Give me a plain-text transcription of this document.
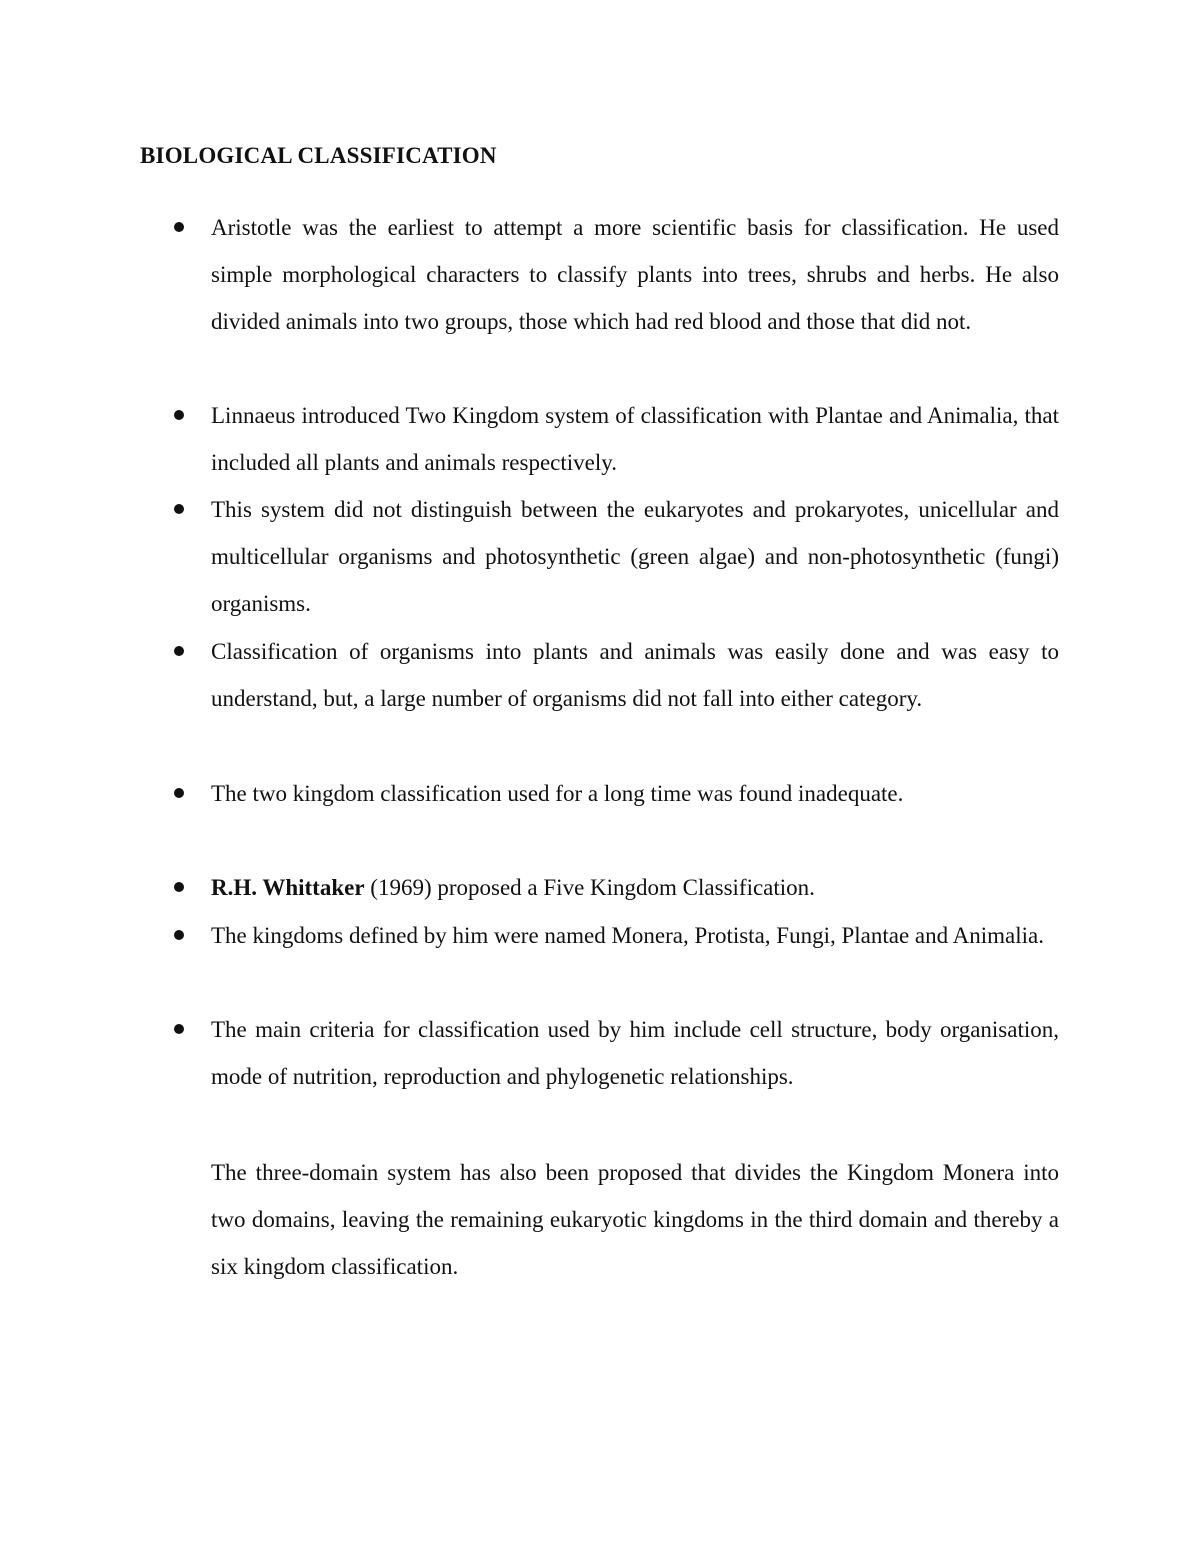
BIOLOGICAL CLASSIFICATION

Aristotle was the earliest to attempt a more scientific basis for classification. He used simple morphological characters to classify plants into trees, shrubs and herbs. He also divided animals into two groups, those which had red blood and those that did not.

Linnaeus introduced Two Kingdom system of classification with Plantae and Animalia, that included all plants and animals respectively.

This system did not distinguish between the eukaryotes and prokaryotes, unicellular and multicellular organisms and photosynthetic (green algae) and non-photosynthetic (fungi) organisms.

Classification of organisms into plants and animals was easily done and was easy to understand, but, a large number of organisms did not fall into either category.

The two kingdom classification used for a long time was found inadequate.

R.H. Whittaker (1969) proposed a Five Kingdom Classification.

The kingdoms defined by him were named Monera, Protista, Fungi, Plantae and Animalia.

The main criteria for classification used by him include cell structure, body organisation, mode of nutrition, reproduction and phylogenetic relationships.

The three-domain system has also been proposed that divides the Kingdom Monera into two domains, leaving the remaining eukaryotic kingdoms in the third domain and thereby a six kingdom classification.
